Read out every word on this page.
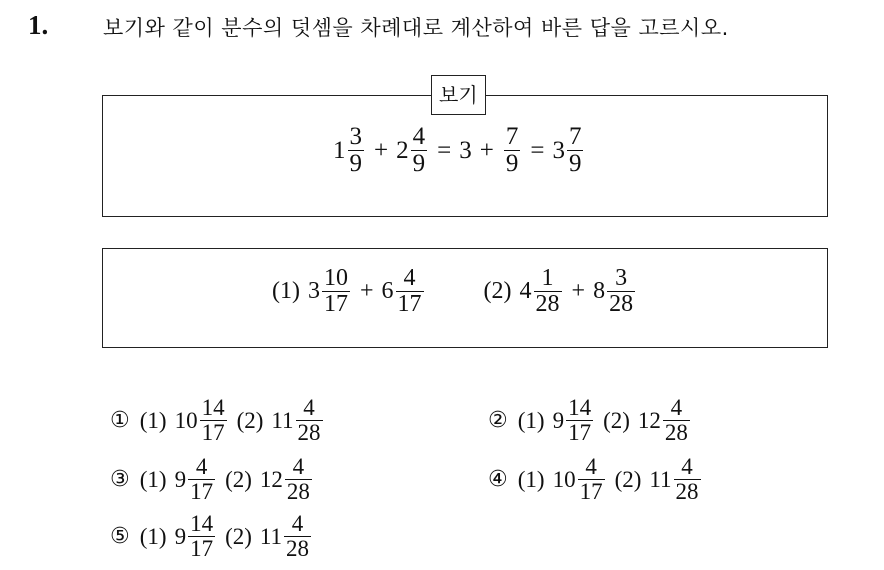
1.	보기와 같이 분수의 덧셈을 차례대로 계산하여 바른 답을 고르시오.
보기
$1 \frac{3}{9} + 2 \frac{4}{9} = 3 + \frac{7}{9} = 3 \frac{7}{9}$
(1) $3 \frac{10}{17} + 6 \frac{4}{17}$	(2) $4 \frac{1}{28} + 8 \frac{3}{28}$
① (1) $10 \frac{14}{17} (2)$ $11 \frac{4}{28}$	② (1) $9 \frac{14}{17} (2)$ $12 \frac{4}{28}$
③ (1) $9 \frac{4}{17} (2)$ $12 \frac{4}{28}$	④ (1) $10 \frac{4}{17} (2)$ $11 \frac{4}{28}$
⑤ (1) $9 \frac{14}{17} (2)$ $11 \frac{4}{28}$
